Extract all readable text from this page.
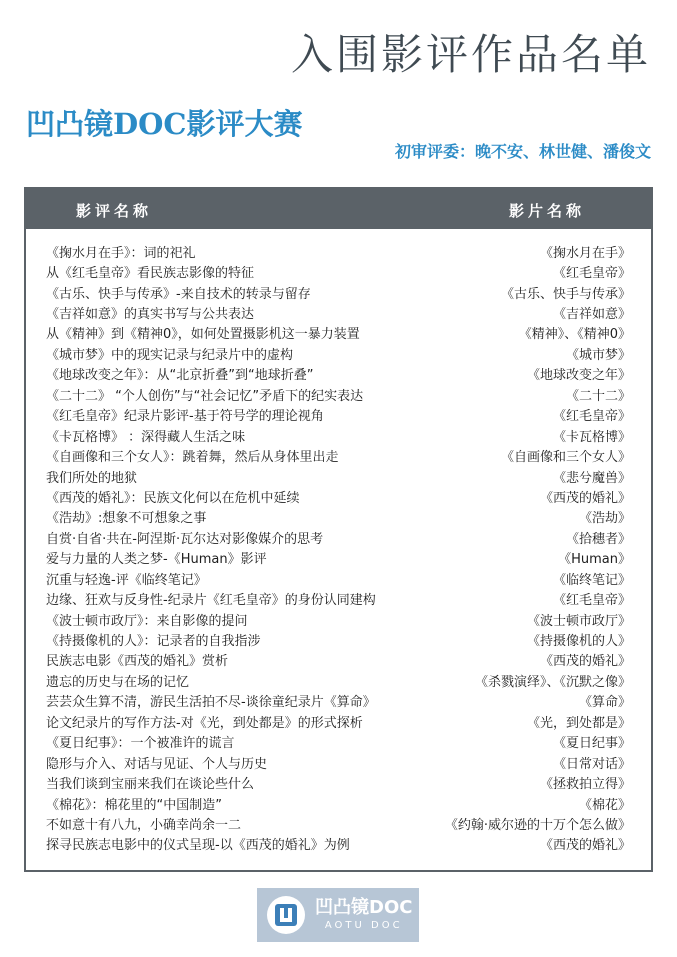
入围影评作品名单
凹凸镜DOC影评大赛
初审评委：晚不安、林世健、潘俊文
影评名称	影片名称
《掬水月在手》：词的祀礼	《掬水月在手》
从《红毛皇帝》看民族志影像的特征	《红毛皇帝》
《古乐、快手与传承》-来自技术的转录与留存	《古乐、快手与传承》
《吉祥如意》的真实书写与公共表达	《吉祥如意》
从《精神》到《精神0》，如何处置摄影机这一暴力装置	《精神》、《精神0》
《城市梦》中的现实记录与纪录片中的虚构	《城市梦》
《地球改变之年》：从“北京折叠”到“地球折叠”	《地球改变之年》
《二十二》 “个人创伤”与“社会记忆”矛盾下的纪实表达	《二十二》
《红毛皇帝》纪录片影评-基于符号学的理论视角	《红毛皇帝》
《卡瓦格博》 ：深得藏人生活之味	《卡瓦格博》
《自画像和三个女人》：跳着舞，然后从身体里出走	《自画像和三个女人》
我们所处的地狱	《悲兮魔兽》
《西茂的婚礼》：民族文化何以在危机中延续	《西茂的婚礼》
《浩劫》:想象不可想象之事	《浩劫》
自赏·自省·共在-阿涅斯·瓦尔达对影像媒介的思考	《拾穗者》
爱与力量的人类之梦-《Human》影评	《Human》
沉重与轻逸-评《临终笔记》	《临终笔记》
边缘、狂欢与反身性-纪录片《红毛皇帝》的身份认同建构	《红毛皇帝》
《波士顿市政厅》：来自影像的提问	《波士顿市政厅》
《持摄像机的人》：记录者的自我指涉	《持摄像机的人》
民族志电影《西茂的婚礼》赏析	《西茂的婚礼》
遗忘的历史与在场的记忆	《杀戮演绎》、《沉默之像》
芸芸众生算不清，游民生活拍不尽-谈徐童纪录片《算命》	《算命》
论文纪录片的写作方法-对《光，到处都是》的形式探析	《光，到处都是》
《夏日纪事》：一个被准许的谎言	《夏日纪事》
隐形与介入、对话与见证、个人与历史	《日常对话》
当我们谈到宝丽来我们在谈论些什么	《拯救拍立得》
《棉花》：棉花里的“中国制造”	《棉花》
不如意十有八九，小确幸尚余一二	《约翰·威尔逊的十万个怎么做》
探寻民族志电影中的仪式呈现-以《西茂的婚礼》为例	《西茂的婚礼》
凹凸镜DOC
AOTU DOC
